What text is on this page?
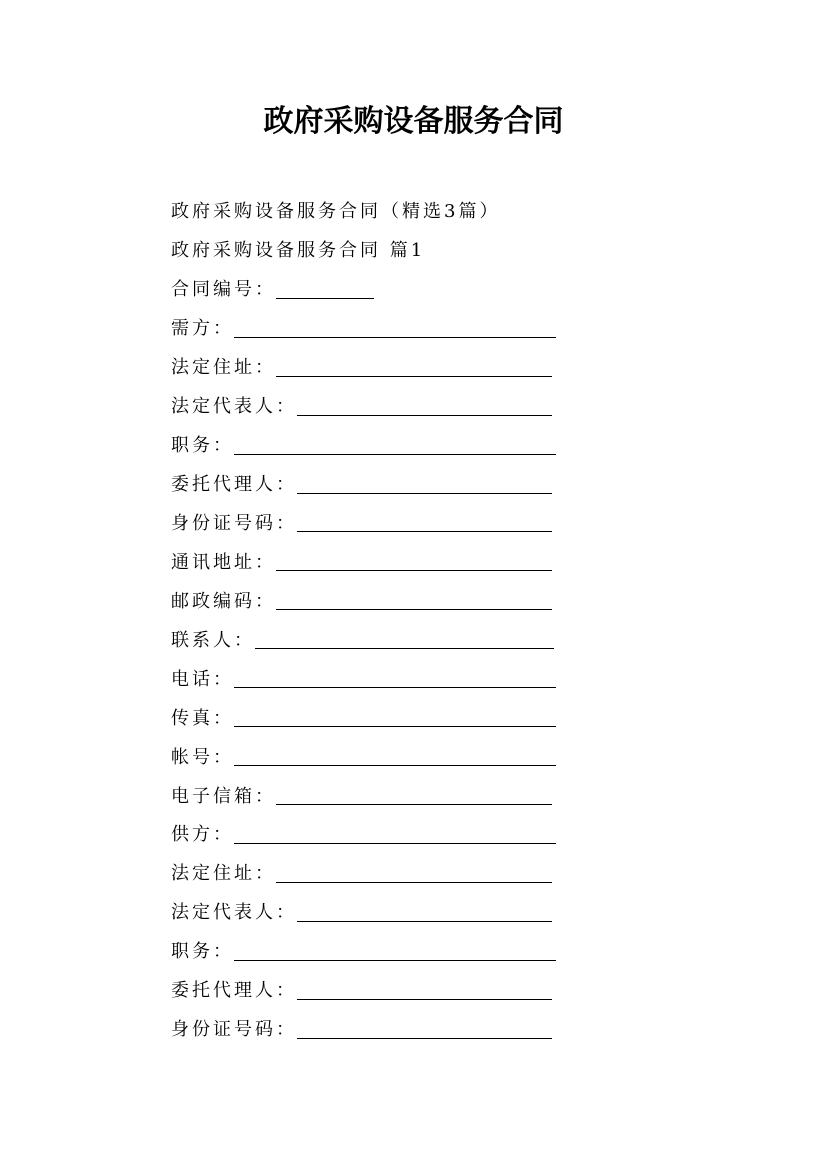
政府采购设备服务合同
政府采购设备服务合同（精选3篇）
政府采购设备服务合同 篇1
合同编号：
需方：
法定住址：
法定代表人：
职务：
委托代理人：
身份证号码：
通讯地址：
邮政编码：
联系人：
电话：
传真：
帐号：
电子信箱：
供方：
法定住址：
法定代表人：
职务：
委托代理人：
身份证号码：
